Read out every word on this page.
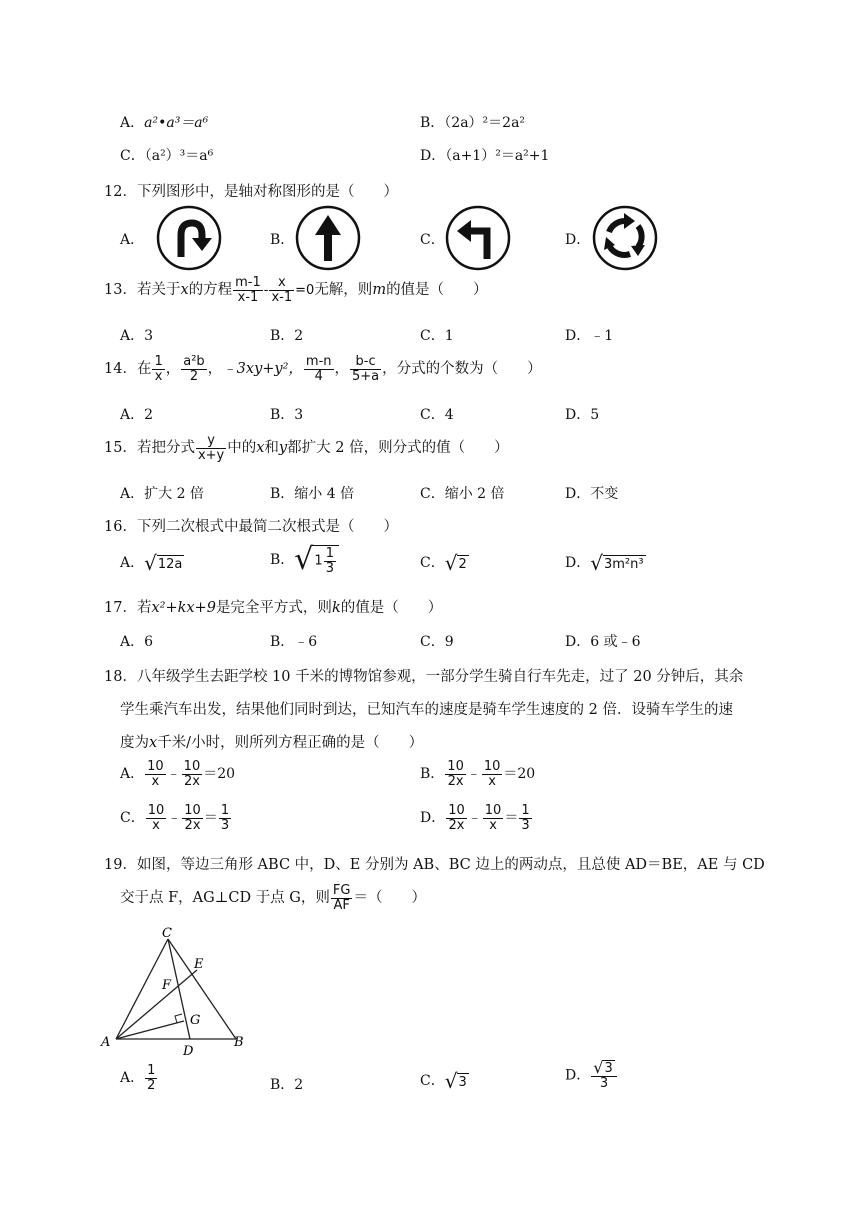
A．a²•a³＝a⁶	B．（2a）²＝2a²
C．（a²）³＝a⁶	D．（a+1）²＝a²+1
12．下列图形中，是轴对称图形的是（　　）
A．	B．	C．	D．
13．若关于x的方程 $\frac{m-1}{x-1} - \frac{x}{x-1} =0$无解，则m的值是（　　）
A．3	B．2	C．1	D．﹣1
14．在 $\frac{1}{x}$ ， $\frac{\text{a²b}}{2}$ ，﹣3xy+y²， $\frac{m-n}{4}$ ， $\frac{b-c}{5+a}$ ，分式的个数为（　　）
A．2	B．3	C．4	D．5
15．若把分式 $\frac{y}{x+y}$ 中的x和y都扩大 2 倍，则分式的值（　　）
A．扩大 2 倍	B．缩小 4 倍	C．缩小 2 倍	D．不变
16．下列二次根式中最简二次根式是（　　）
A．√12a	B．$√1 \frac{1}{3}$	C．√2	D．√3m²n³
17．若x²+kx+9是完全平方式，则k的值是（　　）
A．6	B．﹣6	C．9	D．6 或﹣6
18．八年级学生去距学校 10 千米的博物馆参观，一部分学生骑自行车先走，过了 20 分钟后，其余
学生乘汽车出发，结果他们同时到达，已知汽车的速度是骑车学生速度的 2 倍．设骑车学生的速
度为x千米/小时，则所列方程正确的是（　　）
A． $\frac{10}{x}$ ﹣ $\frac{10}{2x} =20$	B． $\frac{10}{2x}$ ﹣ $\frac{10}{x} =20$
C． $\frac{10}{x}$ ﹣ $\frac{10}{2x} = \frac{1}{3}$	D． $\frac{10}{2x}$ ﹣ $\frac{10}{x} = \frac{1}{3}$
19．如图，等边三角形 ABC 中，D、E 分别为 AB、BC 边上的两动点，且总使 AD＝BE，AE 与 CD
交于点 F，AG⊥CD 于点 G，则 $\frac{FG}{AF}$ ＝（　　）
C
E
F
G
A
D
B
A． $\frac{1}{2}$	B．2	C．√3	D． $\frac{√3}{3}$
